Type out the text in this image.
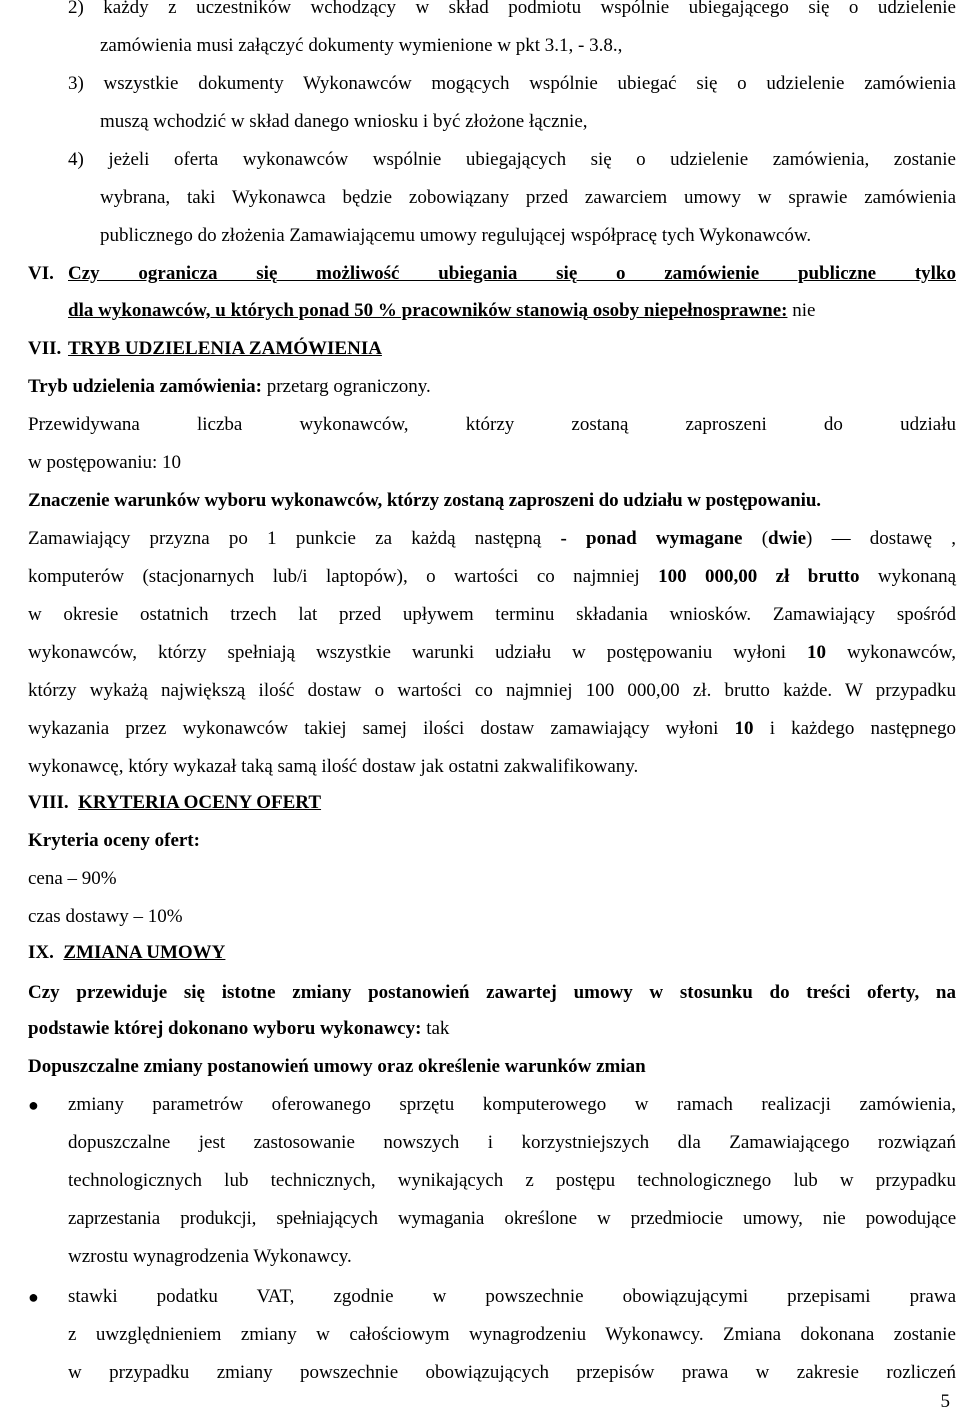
2) każdy z uczestników wchodzący w skład podmiotu wspólnie ubiegającego się o udzielenie
zamówienia musi załączyć dokumenty wymienione w pkt 3.1, - 3.8.,
3) wszystkie dokumenty Wykonawców mogących wspólnie ubiegać się o udzielenie zamówienia
muszą wchodzić w skład danego wniosku i być złożone łącznie,
4) jeżeli oferta wykonawców wspólnie ubiegających się o udzielenie zamówienia, zostanie
wybrana, taki Wykonawca będzie zobowiązany przed zawarciem umowy w sprawie zamówienia
publicznego do złożenia Zamawiającemu umowy regulującej współpracę tych Wykonawców.
VI. Czy ogranicza się możliwość ubiegania się o zamówienie publiczne tylko
dla wykonawców, u których ponad 50 % pracowników stanowią osoby niepełnosprawne: nie
VII. TRYB UDZIELENIA ZAMÓWIENIA
Tryb udzielenia zamówienia: przetarg ograniczony.
Przewidywana liczba wykonawców, którzy zostaną zaproszeni do udziału
w postępowaniu: 10
Znaczenie warunków wyboru wykonawców, którzy zostaną zaproszeni do udziału w postępowaniu.
Zamawiający przyzna po 1 punkcie za każdą następną - ponad wymagane (dwie) — dostawę ,
komputerów (stacjonarnych lub/i laptopów), o wartości co najmniej 100 000,00 zł brutto wykonaną
w okresie ostatnich trzech lat przed upływem terminu składania wniosków. Zamawiający spośród
wykonawców, którzy spełniają wszystkie warunki udziału w postępowaniu wyłoni 10 wykonawców,
którzy wykażą największą ilość dostaw o wartości co najmniej 100 000,00 zł. brutto każde. W przypadku
wykazania przez wykonawców takiej samej ilości dostaw zamawiający wyłoni 10 i każdego następnego
wykonawcę, który wykazał taką samą ilość dostaw jak ostatni zakwalifikowany.
VIII. KRYTERIA OCENY OFERT
Kryteria oceny ofert:
cena – 90%
czas dostawy – 10%
IX. ZMIANA UMOWY
Czy przewiduje się istotne zmiany postanowień zawartej umowy w stosunku do treści oferty, na
podstawie której dokonano wyboru wykonawcy: tak
Dopuszczalne zmiany postanowień umowy oraz określenie warunków zmian
● zmiany parametrów oferowanego sprzętu komputerowego w ramach realizacji zamówienia,
dopuszczalne jest zastosowanie nowszych i korzystniejszych dla Zamawiającego rozwiązań
technologicznych lub technicznych, wynikających z postępu technologicznego lub w przypadku
zaprzestania produkcji, spełniających wymagania określone w przedmiocie umowy, nie powodujące
wzrostu wynagrodzenia Wykonawcy.
● stawki podatku VAT, zgodnie w powszechnie obowiązującymi przepisami prawa
z uwzględnieniem zmiany w całościowym wynagrodzeniu Wykonawcy. Zmiana dokonana zostanie
w przypadku zmiany powszechnie obowiązujących przepisów prawa w zakresie rozliczeń
5
